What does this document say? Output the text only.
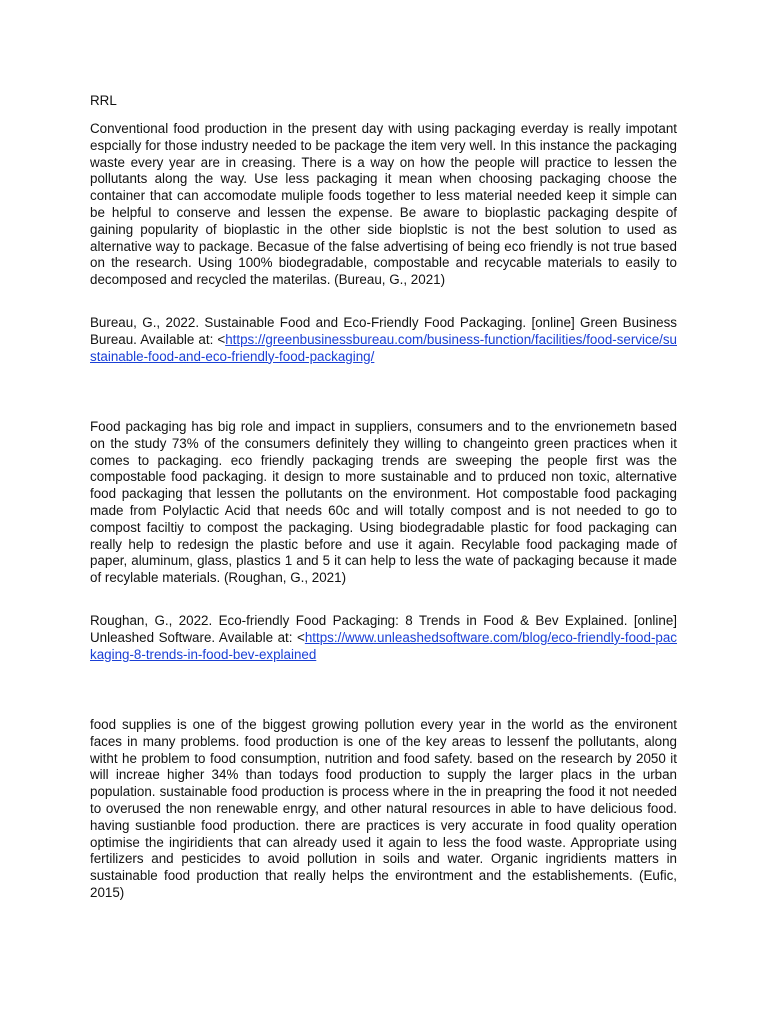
RRL

Conventional food production in the present day with using packaging everday is really impotant espcially for those industry needed to be package the item very well. In this instance the packaging waste every year are in creasing. There is a way on how the people will practice to lessen the pollutants along the way. Use less packaging it mean when choosing packaging choose the container that can accomodate muliple foods together to less material needed keep it simple can be helpful to conserve and lessen the expense. Be aware to bioplastic packaging despite of gaining popularity of bioplastic in the other side bioplstic is not the best solution to used as alternative way to package. Becasue of the false advertising of being eco friendly is not true based on the research. Using 100% biodegradable, compostable and recycable materials to easily to decomposed and recycled the materilas. (Bureau, G., 2021)

Bureau, G., 2022. Sustainable Food and Eco-Friendly Food Packaging. [online] Green Business Bureau. Available at: <https://greenbusinessbureau.com/business-function/facilities/food-service/sustainable-food-and-eco-friendly-food-packaging/

Food packaging has big role and impact in suppliers, consumers and to the envrionemetn based on the study 73% of the consumers definitely they willing to changeinto green practices when it comes to packaging. eco friendly packaging trends are sweeping the people first was the compostable food packaging. it design to more sustainable and to prduced non toxic, alternative food packaging that lessen the pollutants on the environment. Hot compostable food packaging made from Polylactic Acid that needs 60c and will totally compost and is not needed to go to compost faciltiy to compost the packaging. Using biodegradable plastic for food packaging can really help to redesign the plastic before and use it again. Recylable food packaging made of paper, aluminum, glass, plastics 1 and 5 it can help to less the wate of packaging because it made of recylable materials. (Roughan, G., 2021)

Roughan, G., 2022. Eco-friendly Food Packaging: 8 Trends in Food & Bev Explained. [online] Unleashed Software. Available at: <https://www.unleashedsoftware.com/blog/eco-friendly-food-packaging-8-trends-in-food-bev-explained

food supplies is one of the biggest growing pollution every year in the world as the environent faces in many problems. food production is one of the key areas to lessenf the pollutants, along witht he problem to food consumption, nutrition and food safety. based on the research by 2050 it will increae higher 34% than todays food production to supply the larger placs in the urban population. sustainable food production is process where in the in preapring the food it not needed to overused the non renewable enrgy, and other natural resources in able to have delicious food. having sustianble food production. there are practices is very accurate in food quality operation optimise the ingiridients that can already used it again to less the food waste. Appropriate using fertilizers and pesticides to avoid pollution in soils and water. Organic ingridients matters in sustainable food production that really helps the environtment and the establishements. (Eufic, 2015)
